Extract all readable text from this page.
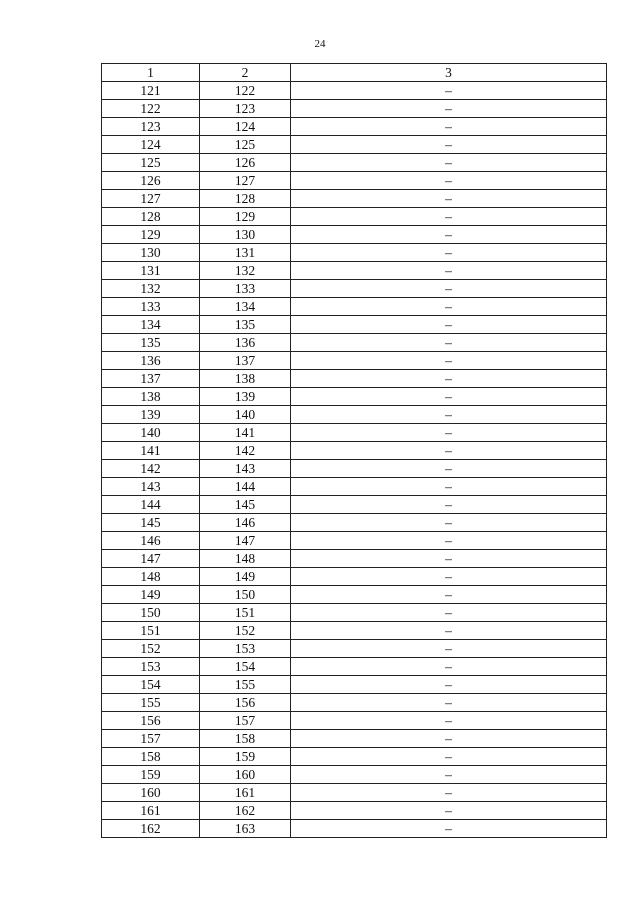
24
1	2	3
121	122	–
122	123	–
123	124	–
124	125	–
125	126	–
126	127	–
127	128	–
128	129	–
129	130	–
130	131	–
131	132	–
132	133	–
133	134	–
134	135	–
135	136	–
136	137	–
137	138	–
138	139	–
139	140	–
140	141	–
141	142	–
142	143	–
143	144	–
144	145	–
145	146	–
146	147	–
147	148	–
148	149	–
149	150	–
150	151	–
151	152	–
152	153	–
153	154	–
154	155	–
155	156	–
156	157	–
157	158	–
158	159	–
159	160	–
160	161	–
161	162	–
162	163	–
